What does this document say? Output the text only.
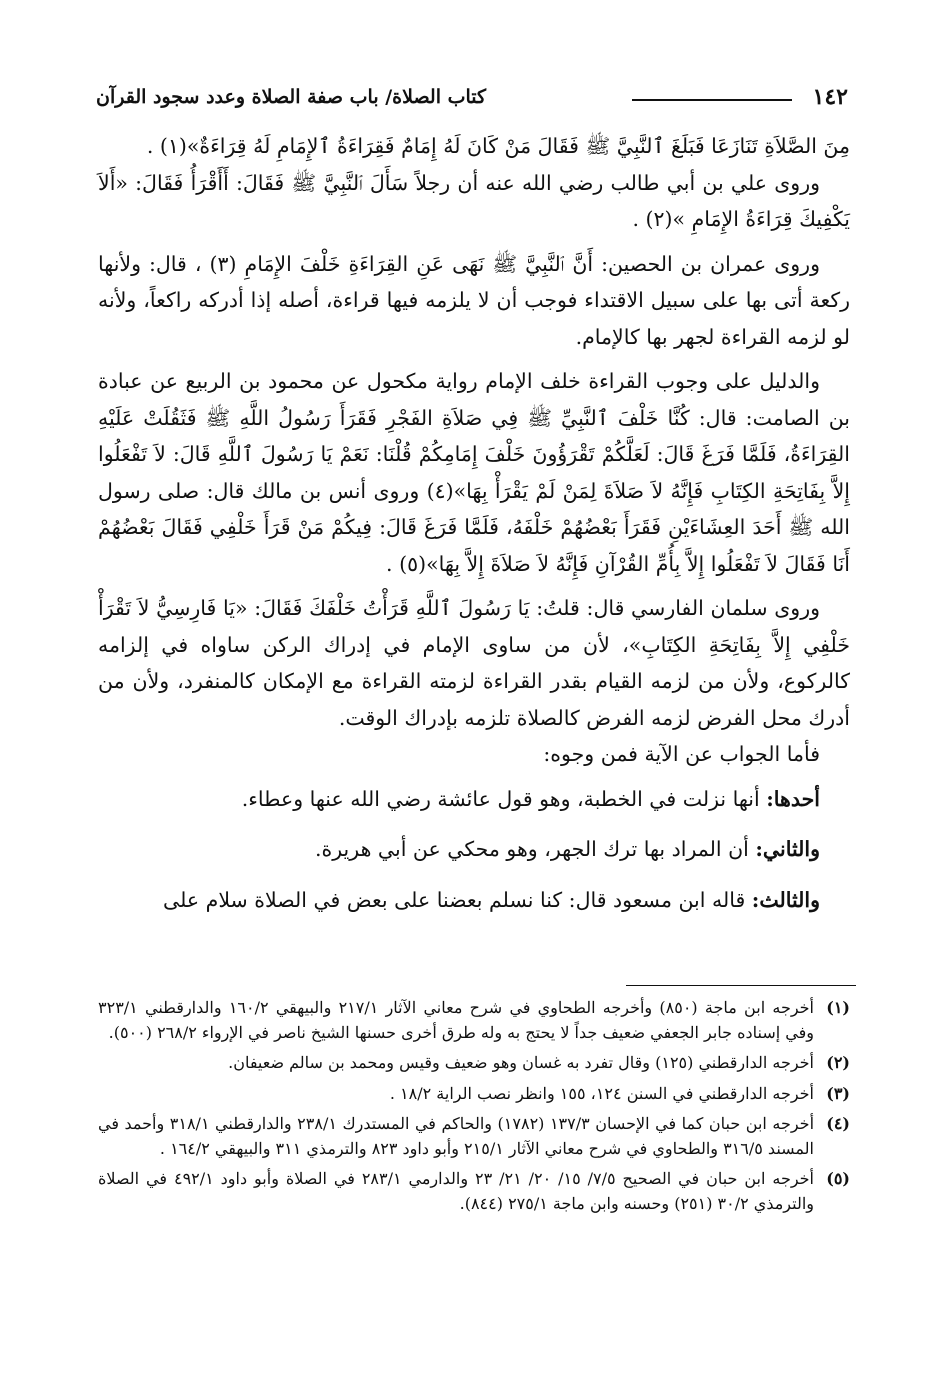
١٤٢
كتاب الصلاة/ باب صفة الصلاة وعدد سجود القرآن

مِنَ الصَّلاَةِ تَنَازَعَا فَبَلَغَ ٱلنَّبِيَّ ﷺ فَقَالَ مَنْ كَانَ لَهُ إِمَامٌ فَقِرَاءَةُ ٱلإِمَامِ لَهُ قِرَاءَةٌ»(١) .

وروى علي بن أبي طالب رضي الله عنه أن رجلاً سَأَلَ ٱلنَّبِيَّ ﷺ فَقَالَ: أَأَقْرَأُ فَقَالَ: «أَلاَ يَكْفِيكَ قِرَاءَةُ الإِمَامِ »(٢) .

وروى عمران بن الحصين: أَنَّ ٱلنَّبِيَّ ﷺ نَهَى عَنِ القِرَاءَةِ خَلْفَ الإِمَامِ (٣) ، قال: ولأنها ركعة أتى بها على سبيل الاقتداء فوجب أن لا يلزمه فيها قراءة، أصله إذا أدركه راكعاً، ولأنه لو لزمه القراءة لجهر بها كالإمام.

والدليل على وجوب القراءة خلف الإمام رواية مكحول عن محمود بن الربيع عن عبادة بن الصامت: قال: كُنَّا خَلْفَ ٱلنَّبِيِّ ﷺ فِي صَلاَةِ الفَجْرِ فَقَرَأَ رَسُولُ اللَّهِ ﷺ فَثَقُلَتْ عَلَيْهِ القِرَاءَةُ، فَلَمَّا فَرَغَ قَالَ: لَعَلَّكُمْ تَقْرَؤُونَ خَلْفَ إِمَامِكُمْ قُلْنَا: نَعَمْ يَا رَسُولَ ٱللَّهِ قَالَ: لاَ تَفْعَلُوا إِلاَّ بِفَاتِحَةِ الكِتَابِ فَإِنَّهُ لاَ صَلاَةَ لِمَنْ لَمْ يَقْرَأْ بِهَا»(٤) وروى أنس بن مالك قال: صلى رسول الله ﷺ أَحَدَ العِشَاءَيْنِ فَقَرَأَ بَعْضُهُمْ خَلْفَهُ، فَلَمَّا فَرَغَ قَالَ: فِيكُمْ مَنْ قَرَأَ خَلْفِي فَقَالَ بَعْضُهُمْ أَنَا فَقَالَ لاَ تَفْعَلُوا إِلاَّ بِأُمِّ القُرْآنِ فَإِنَّهُ لاَ صَلاَةَ إِلاَّ بِهَا»(٥) .

وروى سلمان الفارسي قال: قلتُ: يَا رَسُولَ ٱللَّهِ قَرَأْتُ خَلْفَكَ فَقَالَ: «يَا فَارِسِيُّ لاَ تَقْرَأْ خَلْفِي إِلاَّ بِفَاتِحَةِ الكِتَابِ»، لأن من ساوى الإمام في إدراك الركن ساواه في إلزامه كالركوع، ولأن من لزمه القيام بقدر القراءة لزمته القراءة مع الإمكان كالمنفرد، ولأن من أدرك محل الفرض لزمه الفرض كالصلاة تلزمه بإدراك الوقت.

فأما الجواب عن الآية فمن وجوه:

أحدها: أنها نزلت في الخطبة، وهو قول عائشة رضي الله عنها وعطاء.

والثاني: أن المراد بها ترك الجهر، وهو محكي عن أبي هريرة.

والثالث: قاله ابن مسعود قال: كنا نسلم بعضنا على بعض في الصلاة سلام على

(١)
أخرجه ابن ماجة (٨٥٠) وأخرجه الطحاوي في شرح معاني الآثار ٢١٧/١ والبيهقي ١٦٠/٢ والدارقطني ٣٢٣/١ وفي إسناده جابر الجعفي ضعيف جداً لا يحتج به وله طرق أخرى حسنها الشيخ ناصر في الإرواء ٢٦٨/٢ (٥٠٠).
(٢)
أخرجه الدارقطني (١٢٥) وقال تفرد به غسان وهو ضعيف وقيس ومحمد بن سالم ضعيفان.
(٣)
أخرجه الدارقطني في السنن ١٢٤، ١٥٥ وانظر نصب الراية ١٨/٢ .
(٤)
أخرجه ابن حبان كما في الإحسان ١٣٧/٣ (١٧٨٢) والحاكم في المستدرك ٢٣٨/١ والدارقطني ٣١٨/١ وأحمد في المسند ٣١٦/٥ والطحاوي في شرح معاني الآثار ٢١٥/١ وأبو داود ٨٢٣ والترمذي ٣١١ والبيهقي ١٦٤/٢ .
(٥)
أخرجه ابن حبان في الصحيح ٧/٥/ ١٥/ ٢٠/ ٢١/ ٢٣ والدارمي ٢٨٣/١ في الصلاة وأبو داود ٤٩٢/١ في الصلاة والترمذي ٣٠/٢ (٢٥١) وحسنه وابن ماجة ٢٧٥/١ (٨٤٤).
